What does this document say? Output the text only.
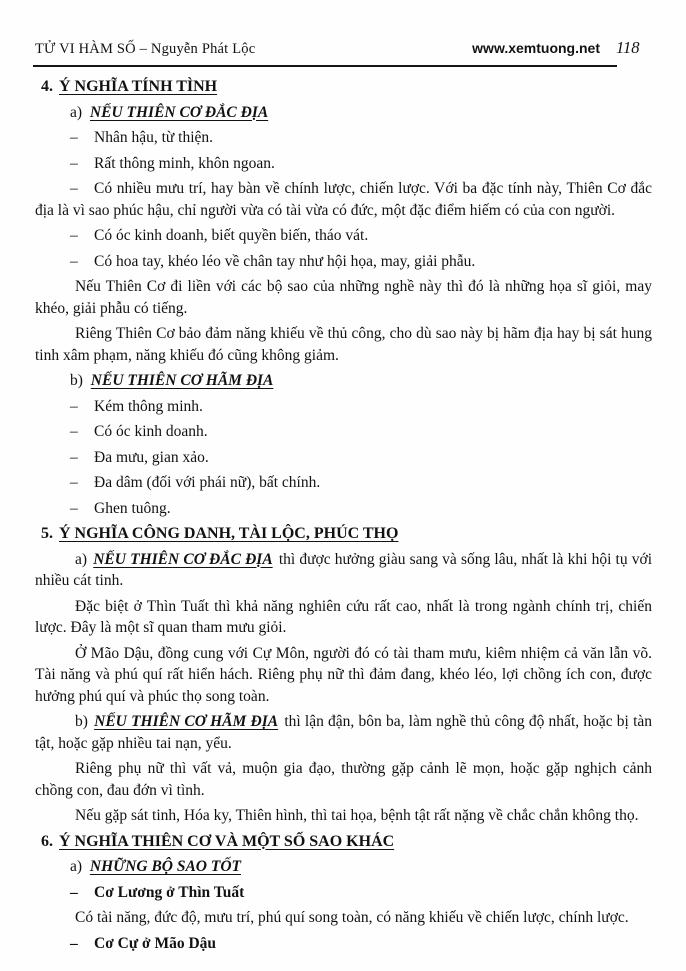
TỬ VI HÀM SỐ – Nguyễn Phát Lộc	www.xemtuong.net 118

4. Ý NGHĨA TÍNH TÌNH

a) NẾU THIÊN CƠ ĐẮC ĐỊA

– Nhân hậu, từ thiện.

– Rất thông minh, khôn ngoan.

– Có nhiều mưu trí, hay bàn về chính lược, chiến lược. Với ba đặc tính này, Thiên Cơ đắc địa là vì sao phúc hậu, chỉ người vừa có tài vừa có đức, một đặc điểm hiếm có của con người.

– Có óc kinh doanh, biết quyền biến, tháo vát.

– Có hoa tay, khéo léo về chân tay như hội họa, may, giải phẫu.

Nếu Thiên Cơ đi liền với các bộ sao của những nghề này thì đó là những họa sĩ giỏi, may khéo, giải phẫu có tiếng.

Riêng Thiên Cơ bảo đảm năng khiếu về thủ công, cho dù sao này bị hãm địa hay bị sát hung tinh xâm phạm, năng khiếu đó cũng không giảm.

b) NẾU THIÊN CƠ HÃM ĐỊA

– Kém thông minh.

– Có óc kinh doanh.

– Đa mưu, gian xảo.

– Đa dâm (đối với phái nữ), bất chính.

– Ghen tuông.

5. Ý NGHĨA CÔNG DANH, TÀI LỘC, PHÚC THỌ

a) NẾU THIÊN CƠ ĐẮC ĐỊA thì được hưởng giàu sang và sống lâu, nhất là khi hội tụ với nhiều cát tinh.

Đặc biệt ở Thìn Tuất thì khả năng nghiên cứu rất cao, nhất là trong ngành chính trị, chiến lược. Đây là một sĩ quan tham mưu giỏi.

Ở Mão Dậu, đồng cung với Cự Môn, người đó có tài tham mưu, kiêm nhiệm cả văn lẫn võ. Tài năng và phú quí rất hiển hách. Riêng phụ nữ thì đảm đang, khéo léo, lợi chồng ích con, được hưởng phú quí và phúc thọ song toàn.

b) NẾU THIÊN CƠ HÃM ĐỊA thì lận đận, bôn ba, làm nghề thủ công độ nhất, hoặc bị tàn tật, hoặc gặp nhiều tai nạn, yểu.

Riêng phụ nữ thì vất vả, muộn gia đạo, thường gặp cảnh lẽ mọn, hoặc gặp nghịch cảnh chồng con, đau đớn vì tình.

Nếu gặp sát tinh, Hóa ky, Thiên hình, thì tai họa, bệnh tật rất nặng về chắc chắn không thọ.

6. Ý NGHĨA THIÊN CƠ VÀ MỘT SỐ SAO KHÁC

a) NHỮNG BỘ SAO TỐT

– Cơ Lương ở Thìn Tuất

Có tài năng, đức độ, mưu trí, phú quí song toàn, có năng khiếu về chiến lược, chính lược.

– Cơ Cự ở Mão Dậu
